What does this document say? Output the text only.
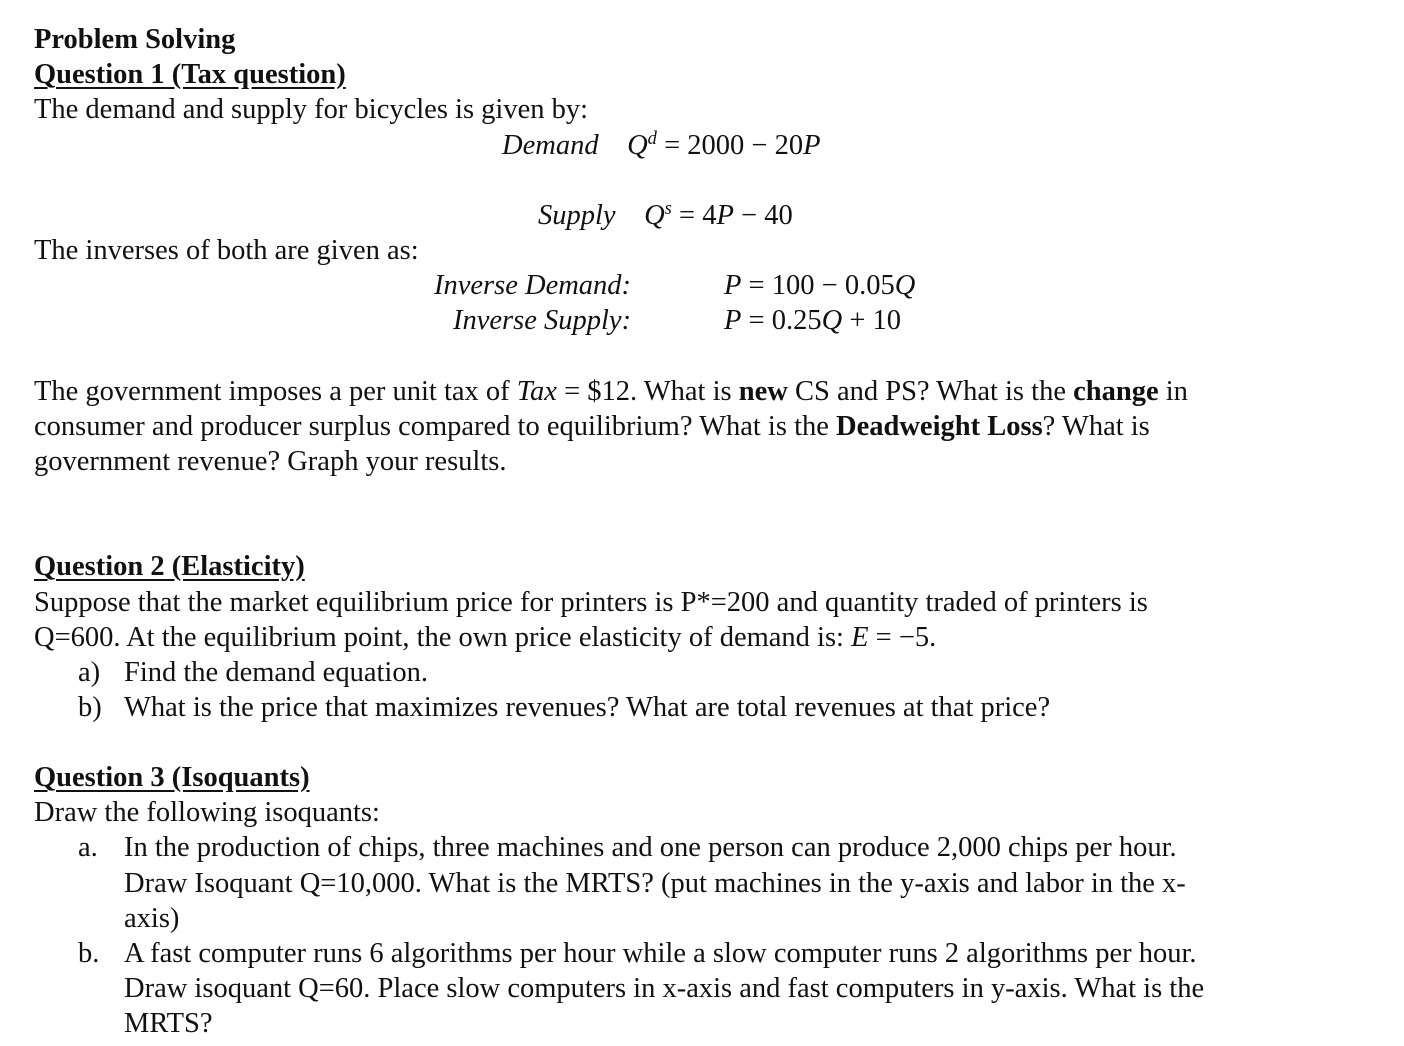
Problem Solving
Question 1 (Tax question)
The demand and supply for bicycles is given by:
Demand $Q^d = 2000 - 20P$
Supply $Q^s = 4P - 40$
The inverses of both are given as:
Inverse Demand:	P = 100 − 0.05Q
Inverse Supply:	P = 0.25Q + 10
The government imposes a per unit tax of Tax = $12. What is new CS and PS? What is the change in
consumer and producer surplus compared to equilibrium? What is the Deadweight Loss? What is
government revenue? Graph your results.
Question 2 (Elasticity)
Suppose that the market equilibrium price for printers is P*=200 and quantity traded of printers is
Q=600. At the equilibrium point, the own price elasticity of demand is: E = −5.
a) Find the demand equation.
b) What is the price that maximizes revenues? What are total revenues at that price?
Question 3 (Isoquants)
Draw the following isoquants:
a. In the production of chips, three machines and one person can produce 2,000 chips per hour.
Draw Isoquant Q=10,000. What is the MRTS? (put machines in the y-axis and labor in the x-
axis)
b. A fast computer runs 6 algorithms per hour while a slow computer runs 2 algorithms per hour.
Draw isoquant Q=60. Place slow computers in x-axis and fast computers in y-axis. What is the
MRTS?
